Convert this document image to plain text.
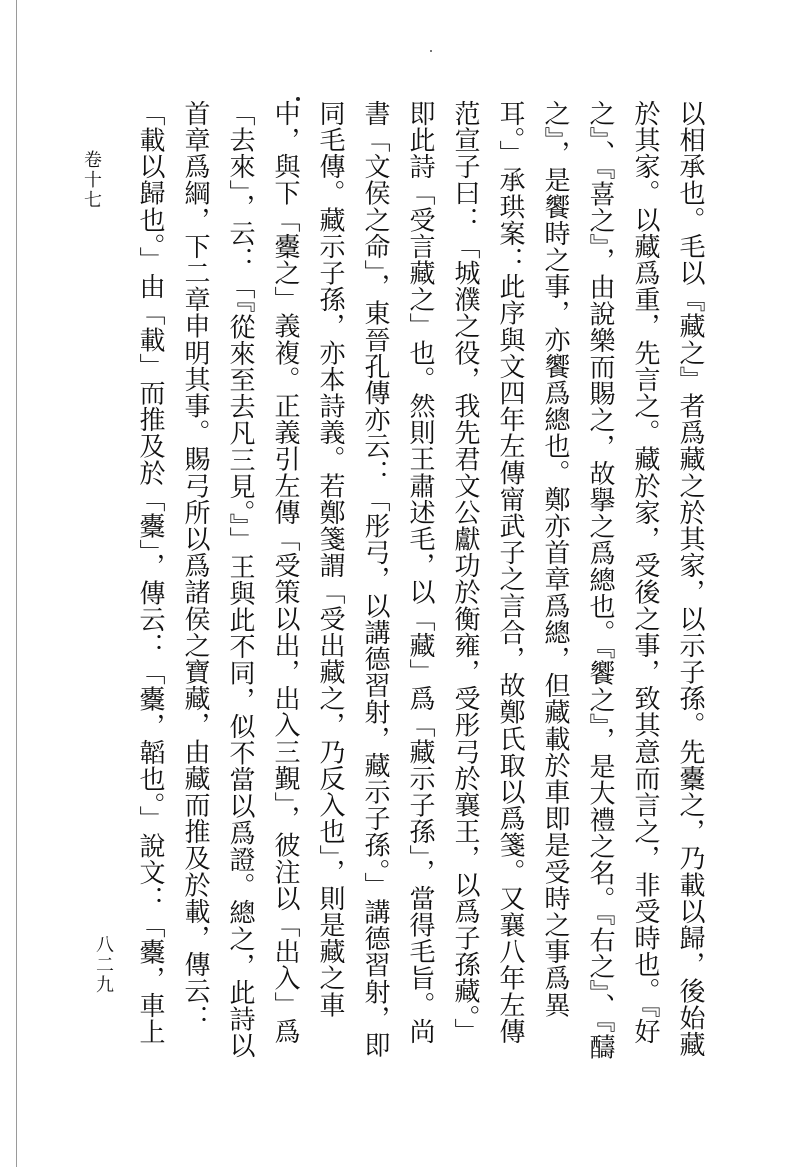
卷十七

以相承也。毛以『藏之』者爲藏之於其家，以示子孫。先櫜之，乃載以歸，後始藏於其家。以藏爲重，先言之。藏於家，受後之事，致其意而言之，非受時也。『好之』、『喜之』，由說樂而賜之，故擧之爲總也。『饗之』，是大禮之名。『右之』、『醻之』，是饗時之事，亦饗爲總也。鄭亦首章爲總，但藏載於車即是受時之事爲異耳。」承珙案：此序與文四年左傳甯武子之言合，故鄭氏取以爲箋。又襄八年左傳范宣子曰：「城濮之役，我先君文公獻功於衡雍，受彤弓於襄王，以爲子孫藏。」即此詩「受言藏之」也。然則王肅述毛，以「藏」爲「藏示子孫」，當得毛旨。尚書「文侯之命」，東晉孔傳亦云：「彤弓，以講德習射，藏示子孫。」講德習射，即同毛傳。藏示子孫，亦本詩義。若鄭箋謂「受出藏之，乃反入也」，則是藏之車中，與下「櫜之」義複。正義引左傳「受策以出，出入三覲」，彼注以「出入」爲「去來」，云：「『從來至去凡三見。』」王與此不同，似不當以爲證。總之，此詩以首章爲綱，下二章申明其事。賜弓所以爲諸侯之寶藏，由藏而推及於載，傳云：「載以歸也。」由「載」而推及於「櫜」，傳云：「櫜，韜也。」說文：「櫜，車上

八二九
